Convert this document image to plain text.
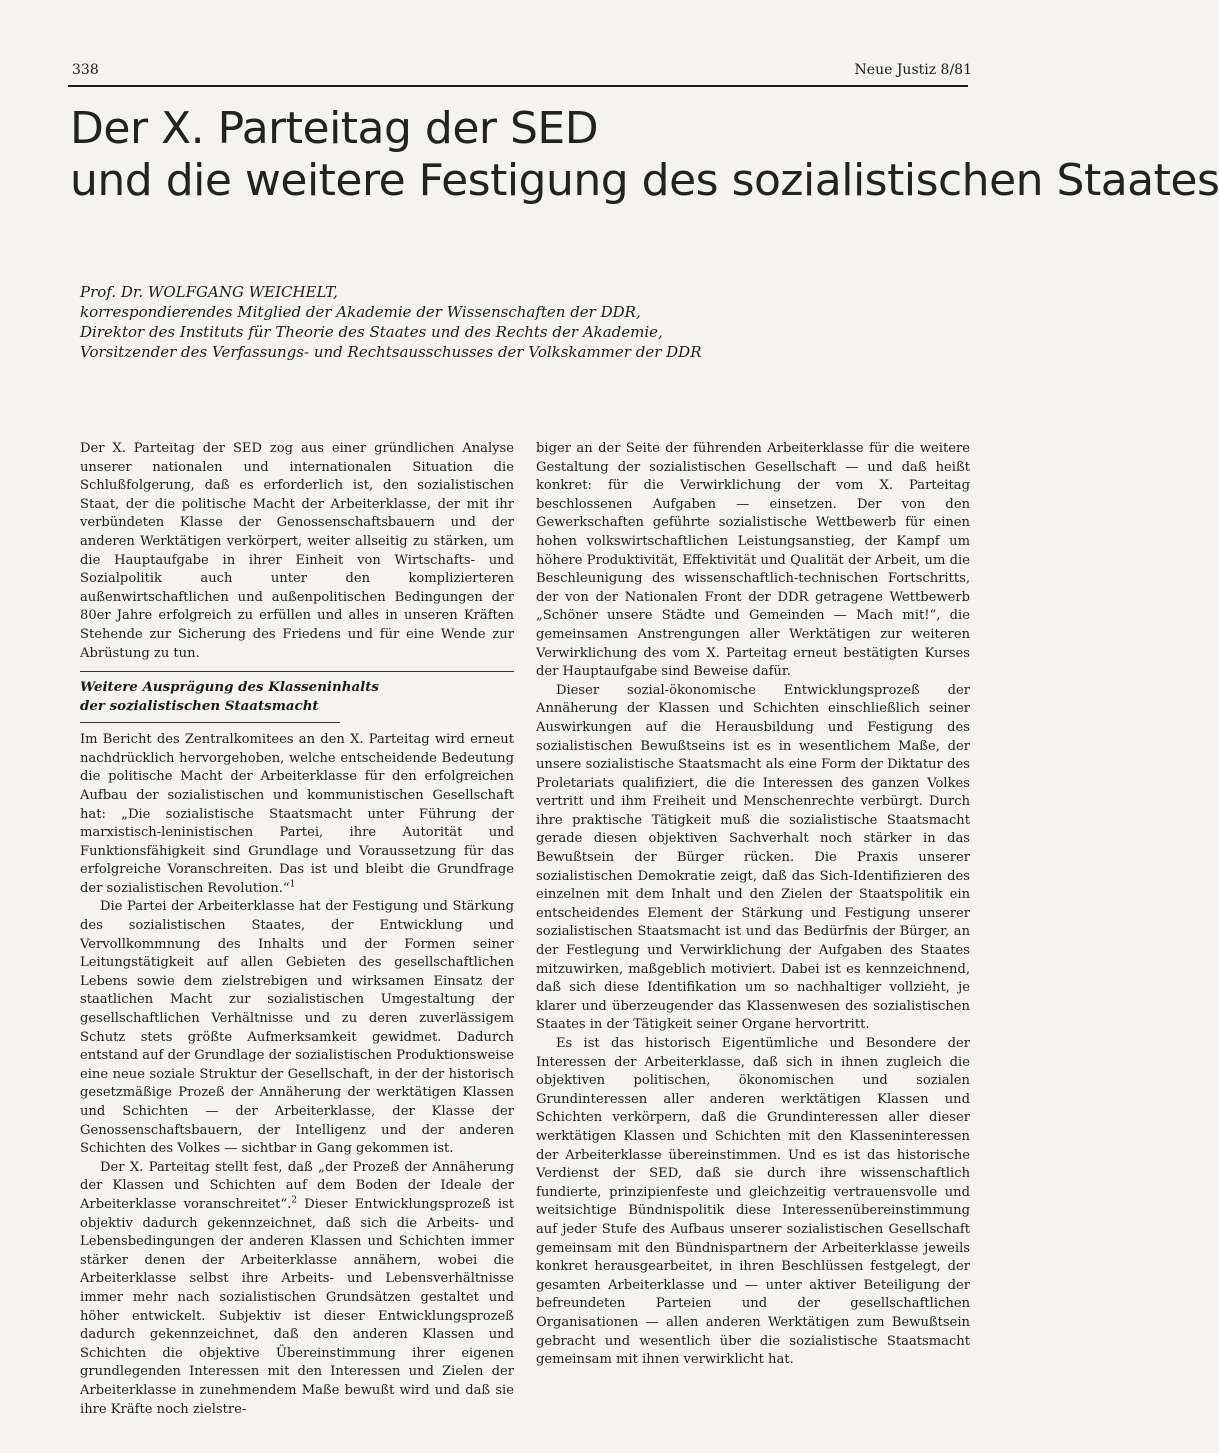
338	Neue Justiz 8/81
Der X. Parteitag der SED
und die weitere Festigung des sozialistischen Staates
Prof. Dr. WOLFGANG WEICHELT,
korrespondierendes Mitglied der Akademie der Wissenschaften der DDR,
Direktor des Instituts für Theorie des Staates und des Rechts der Akademie,
Vorsitzender des Verfassungs- und Rechtsausschusses der Volkskammer der DDR

Der X. Parteitag der SED zog aus einer gründlichen Analyse unserer nationalen und internationalen Situation die Schlußfolgerung, daß es erforderlich ist, den sozialistischen Staat, der die politische Macht der Arbeiterklasse, der mit ihr verbündeten Klasse der Genossenschaftsbauern und der anderen Werktätigen verkörpert, weiter allseitig zu stärken, um die Hauptaufgabe in ihrer Einheit von Wirtschafts- und Sozialpolitik auch unter den komplizierteren außenwirtschaftlichen und außenpolitischen Bedingungen der 80er Jahre erfolgreich zu erfüllen und alles in unseren Kräften Stehende zur Sicherung des Friedens und für eine Wende zur Abrüstung zu tun.

Weitere Ausprägung des Klasseninhalts
der sozialistischen Staatsmacht

Im Bericht des Zentralkomitees an den X. Parteitag wird erneut nachdrücklich hervorgehoben, welche entscheidende Bedeutung die politische Macht der Arbeiterklasse für den erfolgreichen Aufbau der sozialistischen und kommunistischen Gesellschaft hat: „Die sozialistische Staatsmacht unter Führung der marxistisch-leninistischen Partei, ihre Autorität und Funktionsfähigkeit sind Grundlage und Voraussetzung für das erfolgreiche Voranschreiten. Das ist und bleibt die Grundfrage der sozialistischen Revolution.“$^1$

Die Partei der Arbeiterklasse hat der Festigung und Stärkung des sozialistischen Staates, der Entwicklung und Vervollkommnung des Inhalts und der Formen seiner Leitungstätigkeit auf allen Gebieten des gesellschaftlichen Lebens sowie dem zielstrebigen und wirksamen Einsatz der staatlichen Macht zur sozialistischen Umgestaltung der gesellschaftlichen Verhältnisse und zu deren zuverlässigem Schutz stets größte Aufmerksamkeit gewidmet. Dadurch entstand auf der Grundlage der sozialistischen Produktionsweise eine neue soziale Struktur der Gesellschaft, in der der historisch gesetzmäßige Prozeß der Annäherung der werktätigen Klassen und Schichten — der Arbeiterklasse, der Klasse der Genossenschaftsbauern, der Intelligenz und der anderen Schichten des Volkes — sichtbar in Gang gekommen ist.

Der X. Parteitag stellt fest, daß „der Prozeß der Annäherung der Klassen und Schichten auf dem Boden der Ideale der Arbeiterklasse voranschreitet“.$^2$ Dieser Entwicklungsprozeß ist objektiv dadurch gekennzeichnet, daß sich die Arbeits- und Lebensbedingungen der anderen Klassen und Schichten immer stärker denen der Arbeiterklasse annähern, wobei die Arbeiterklasse selbst ihre Arbeits- und Lebensverhältnisse immer mehr nach sozialistischen Grundsätzen gestaltet und höher entwickelt. Subjektiv ist dieser Entwicklungsprozeß dadurch gekennzeichnet, daß den anderen Klassen und Schichten die objektive Übereinstimmung ihrer eigenen grundlegenden Interessen mit den Interessen und Zielen der Arbeiterklasse in zunehmendem Maße bewußt wird und daß sie ihre Kräfte noch zielstre-

biger an der Seite der führenden Arbeiterklasse für die weitere Gestaltung der sozialistischen Gesellschaft — und daß heißt konkret: für die Verwirklichung der vom X. Parteitag beschlossenen Aufgaben — einsetzen. Der von den Gewerkschaften geführte sozialistische Wettbewerb für einen hohen volkswirtschaftlichen Leistungsanstieg, der Kampf um höhere Produktivität, Effektivität und Qualität der Arbeit, um die Beschleunigung des wissenschaftlich-technischen Fortschritts, der von der Nationalen Front der DDR getragene Wettbewerb „Schöner unsere Städte und Gemeinden — Mach mit!“, die gemeinsamen Anstrengungen aller Werktätigen zur weiteren Verwirklichung des vom X. Parteitag erneut bestätigten Kurses der Hauptaufgabe sind Beweise dafür.

Dieser sozial-ökonomische Entwicklungsprozeß der Annäherung der Klassen und Schichten einschließlich seiner Auswirkungen auf die Herausbildung und Festigung des sozialistischen Bewußtseins ist es in wesentlichem Maße, der unsere sozialistische Staatsmacht als eine Form der Diktatur des Proletariats qualifiziert, die die Interessen des ganzen Volkes vertritt und ihm Freiheit und Menschenrechte verbürgt. Durch ihre praktische Tätigkeit muß die sozialistische Staatsmacht gerade diesen objektiven Sachverhalt noch stärker in das Bewußtsein der Bürger rücken. Die Praxis unserer sozialistischen Demokratie zeigt, daß das Sich-Identifizieren des einzelnen mit dem Inhalt und den Zielen der Staatspolitik ein entscheidendes Element der Stärkung und Festigung unserer sozialistischen Staatsmacht ist und das Bedürfnis der Bürger, an der Festlegung und Verwirklichung der Aufgaben des Staates mitzuwirken, maßgeblich motiviert. Dabei ist es kennzeichnend, daß sich diese Identifikation um so nachhaltiger vollzieht, je klarer und überzeugender das Klassenwesen des sozialistischen Staates in der Tätigkeit seiner Organe hervortritt.

Es ist das historisch Eigentümliche und Besondere der Interessen der Arbeiterklasse, daß sich in ihnen zugleich die objektiven politischen, ökonomischen und sozialen Grundinteressen aller anderen werktätigen Klassen und Schichten verkörpern, daß die Grundinteressen aller dieser werktätigen Klassen und Schichten mit den Klasseninteressen der Arbeiterklasse übereinstimmen. Und es ist das historische Verdienst der SED, daß sie durch ihre wissenschaftlich fundierte, prinzipienfeste und gleichzeitig vertrauensvolle und weitsichtige Bündnispolitik diese Interessenübereinstimmung auf jeder Stufe des Aufbaus unserer sozialistischen Gesellschaft gemeinsam mit den Bündnispartnern der Arbeiterklasse jeweils konkret herausgearbeitet, in ihren Beschlüssen festgelegt, der gesamten Arbeiterklasse und — unter aktiver Beteiligung der befreundeten Parteien und der gesellschaftlichen Organisationen — allen anderen Werktätigen zum Bewußtsein gebracht und wesentlich über die sozialistische Staatsmacht gemeinsam mit ihnen verwirklicht hat.
